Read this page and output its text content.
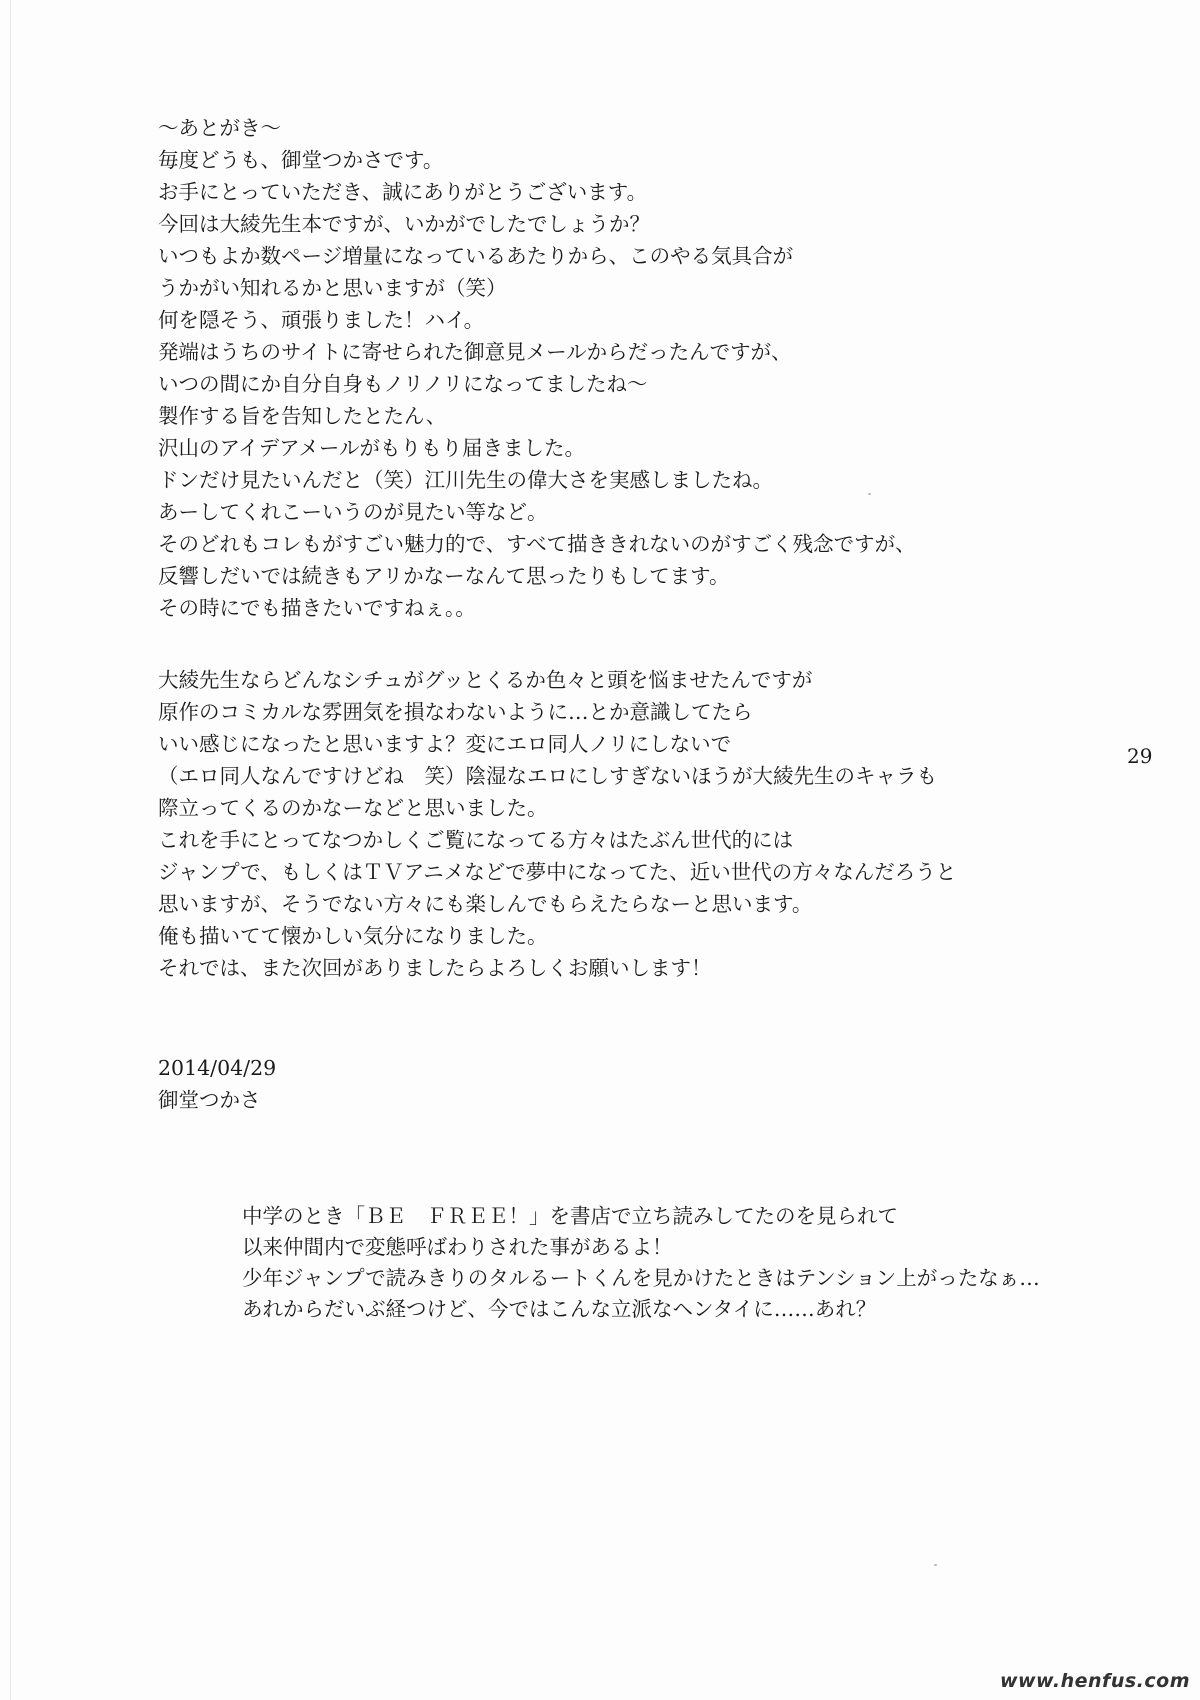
～あとがき～
毎度どうも、御堂つかさです。
お手にとっていただき、誠にありがとうございます。
今回は大綾先生本ですが、いかがでしたでしょうか？
いつもよか数ページ増量になっているあたりから、このやる気具合が
うかがい知れるかと思いますが（笑）
何を隠そう、頑張りました！ハイ。
発端はうちのサイトに寄せられた御意見メールからだったんですが、
いつの間にか自分自身もノリノリになってましたね～
製作する旨を告知したとたん、
沢山のアイデアメールがもりもり届きました。
ドンだけ見たいんだと（笑）江川先生の偉大さを実感しましたね。
あーしてくれこーいうのが見たい等など。
そのどれもコレもがすごい魅力的で、すべて描ききれないのがすごく残念ですが、
反響しだいでは続きもアリかなーなんて思ったりもしてます。
その時にでも描きたいですねぇ。。
大綾先生ならどんなシチュがグッとくるか色々と頭を悩ませたんですが
原作のコミカルな雰囲気を損なわないように…とか意識してたら
いい感じになったと思いますよ？変にエロ同人ノリにしないで
（エロ同人なんですけどね　笑）陰湿なエロにしすぎないほうが大綾先生のキャラも
際立ってくるのかなーなどと思いました。
これを手にとってなつかしくご覧になってる方々はたぶん世代的には
ジャンプで、もしくはＴＶアニメなどで夢中になってた、近い世代の方々なんだろうと
思いますが、そうでない方々にも楽しんでもらえたらなーと思います。
俺も描いてて懐かしい気分になりました。
それでは、また次回がありましたらよろしくお願いします！
29
2014/04/29
御堂つかさ
中学のとき「ＢＥ　ＦＲＥＥ！」を書店で立ち読みしてたのを見られて
以来仲間内で変態呼ばわりされた事があるよ！
少年ジャンプで読みきりのタルるートくんを見かけたときはテンション上がったなぁ…
あれからだいぶ経つけど、今ではこんな立派なヘンタイに……あれ？
www.henfus.com
